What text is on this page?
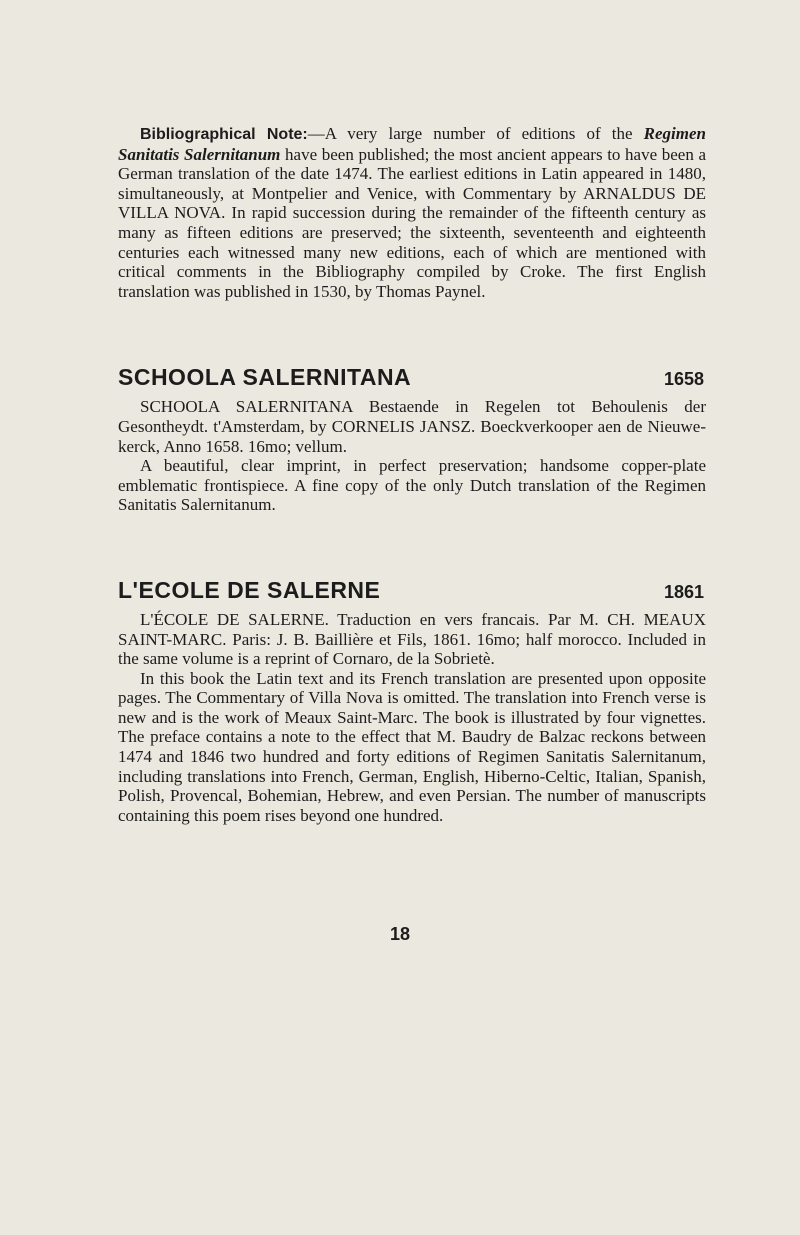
Bibliographical Note:—A very large number of editions of the Regimen Sanitatis Salernitanum have been published; the most ancient appears to have been a German translation of the date 1474. The earliest editions in Latin appeared in 1480, simultaneously, at Montpelier and Venice, with Commentary by ARNALDUS DE VILLA NOVA. In rapid succession during the remainder of the fifteenth century as many as fifteen editions are preserved; the sixteenth, seventeenth and eighteenth centuries each witnessed many new editions, each of which are mentioned with critical comments in the Bibliography compiled by Croke. The first English translation was published in 1530, by Thomas Paynel.

SCHOOLA SALERNITANA	1658

SCHOOLA SALERNITANA Bestaende in Regelen tot Behoulenis der Gesontheydt. t'Amsterdam, by CORNELIS JANSZ. Boeckverkooper aen de Nieuwe-kerck, Anno 1658. 16mo; vellum.

A beautiful, clear imprint, in perfect preservation; handsome copper-plate emblematic frontispiece. A fine copy of the only Dutch translation of the Regimen Sanitatis Salernitanum.

L'ECOLE DE SALERNE	1861

L'ÉCOLE DE SALERNE. Traduction en vers francais. Par M. CH. MEAUX SAINT-MARC. Paris: J. B. Baillière et Fils, 1861. 16mo; half morocco. Included in the same volume is a reprint of Cornaro, de la Sobrietè.

In this book the Latin text and its French translation are presented upon opposite pages. The Commentary of Villa Nova is omitted. The translation into French verse is new and is the work of Meaux Saint-Marc. The book is illustrated by four vignettes. The preface contains a note to the effect that M. Baudry de Balzac reckons between 1474 and 1846 two hundred and forty editions of Regimen Sanitatis Salernitanum, including translations into French, German, English, Hiberno-Celtic, Italian, Spanish, Polish, Provencal, Bohemian, Hebrew, and even Persian. The number of manuscripts containing this poem rises beyond one hundred.

18
